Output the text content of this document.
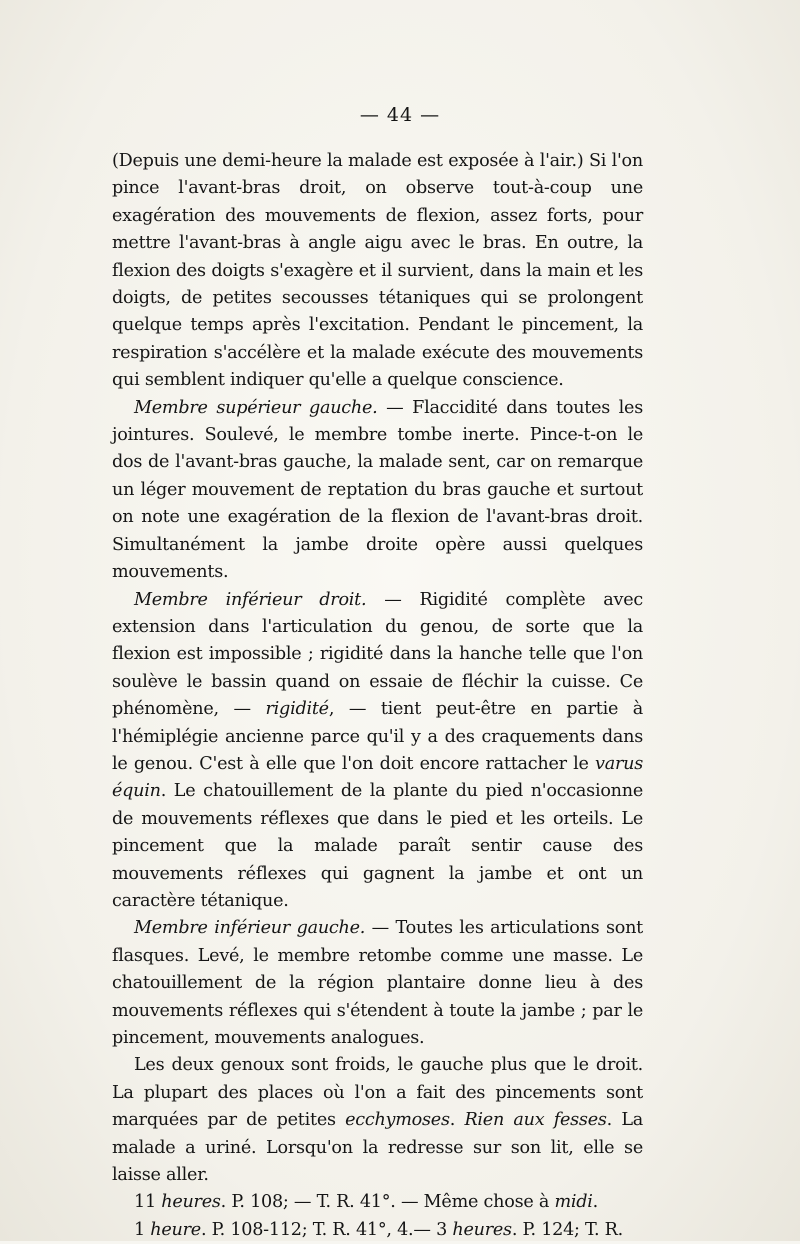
— 44 —

(Depuis une demi-heure la malade est exposée à l'air.) Si l'on pince l'avant-bras droit, on observe tout-à-coup une exagération des mouvements de flexion, assez forts, pour mettre l'avant-bras à angle aigu avec le bras. En outre, la flexion des doigts s'exagère et il survient, dans la main et les doigts, de petites secousses tétaniques qui se prolongent quelque temps après l'excitation. Pendant le pincement, la respiration s'accélère et la malade exécute des mouvements qui semblent indiquer qu'elle a quelque conscience.

Membre supérieur gauche. — Flaccidité dans toutes les jointures. Soulevé, le membre tombe inerte. Pince-t-on le dos de l'avant-bras gauche, la malade sent, car on remarque un léger mouvement de reptation du bras gauche et surtout on note une exagération de la flexion de l'avant-bras droit. Simultanément la jambe droite opère aussi quelques mouvements.

Membre inférieur droit. — Rigidité complète avec extension dans l'articulation du genou, de sorte que la flexion est impossible ; rigidité dans la hanche telle que l'on soulève le bassin quand on essaie de fléchir la cuisse. Ce phénomène, — rigidité, — tient peut-être en partie à l'hémiplégie ancienne parce qu'il y a des craquements dans le genou. C'est à elle que l'on doit encore rattacher le varus équin. Le chatouillement de la plante du pied n'occasionne de mouvements réflexes que dans le pied et les orteils. Le pincement que la malade paraît sentir cause des mouvements réflexes qui gagnent la jambe et ont un caractère tétanique.

Membre inférieur gauche. — Toutes les articulations sont flasques. Levé, le membre retombe comme une masse. Le chatouillement de la région plantaire donne lieu à des mouvements réflexes qui s'étendent à toute la jambe ; par le pincement, mouvements analogues.

Les deux genoux sont froids, le gauche plus que le droit. La plupart des places où l'on a fait des pincements sont marquées par de petites ecchymoses. Rien aux fesses. La malade a uriné. Lorsqu'on la redresse sur son lit, elle se laisse aller.

11 heures. P. 108; — T. R. 41°. — Même chose à midi.

1 heure. P. 108-112; T. R. 41°, 4.— 3 heures. P. 124; T. R.
